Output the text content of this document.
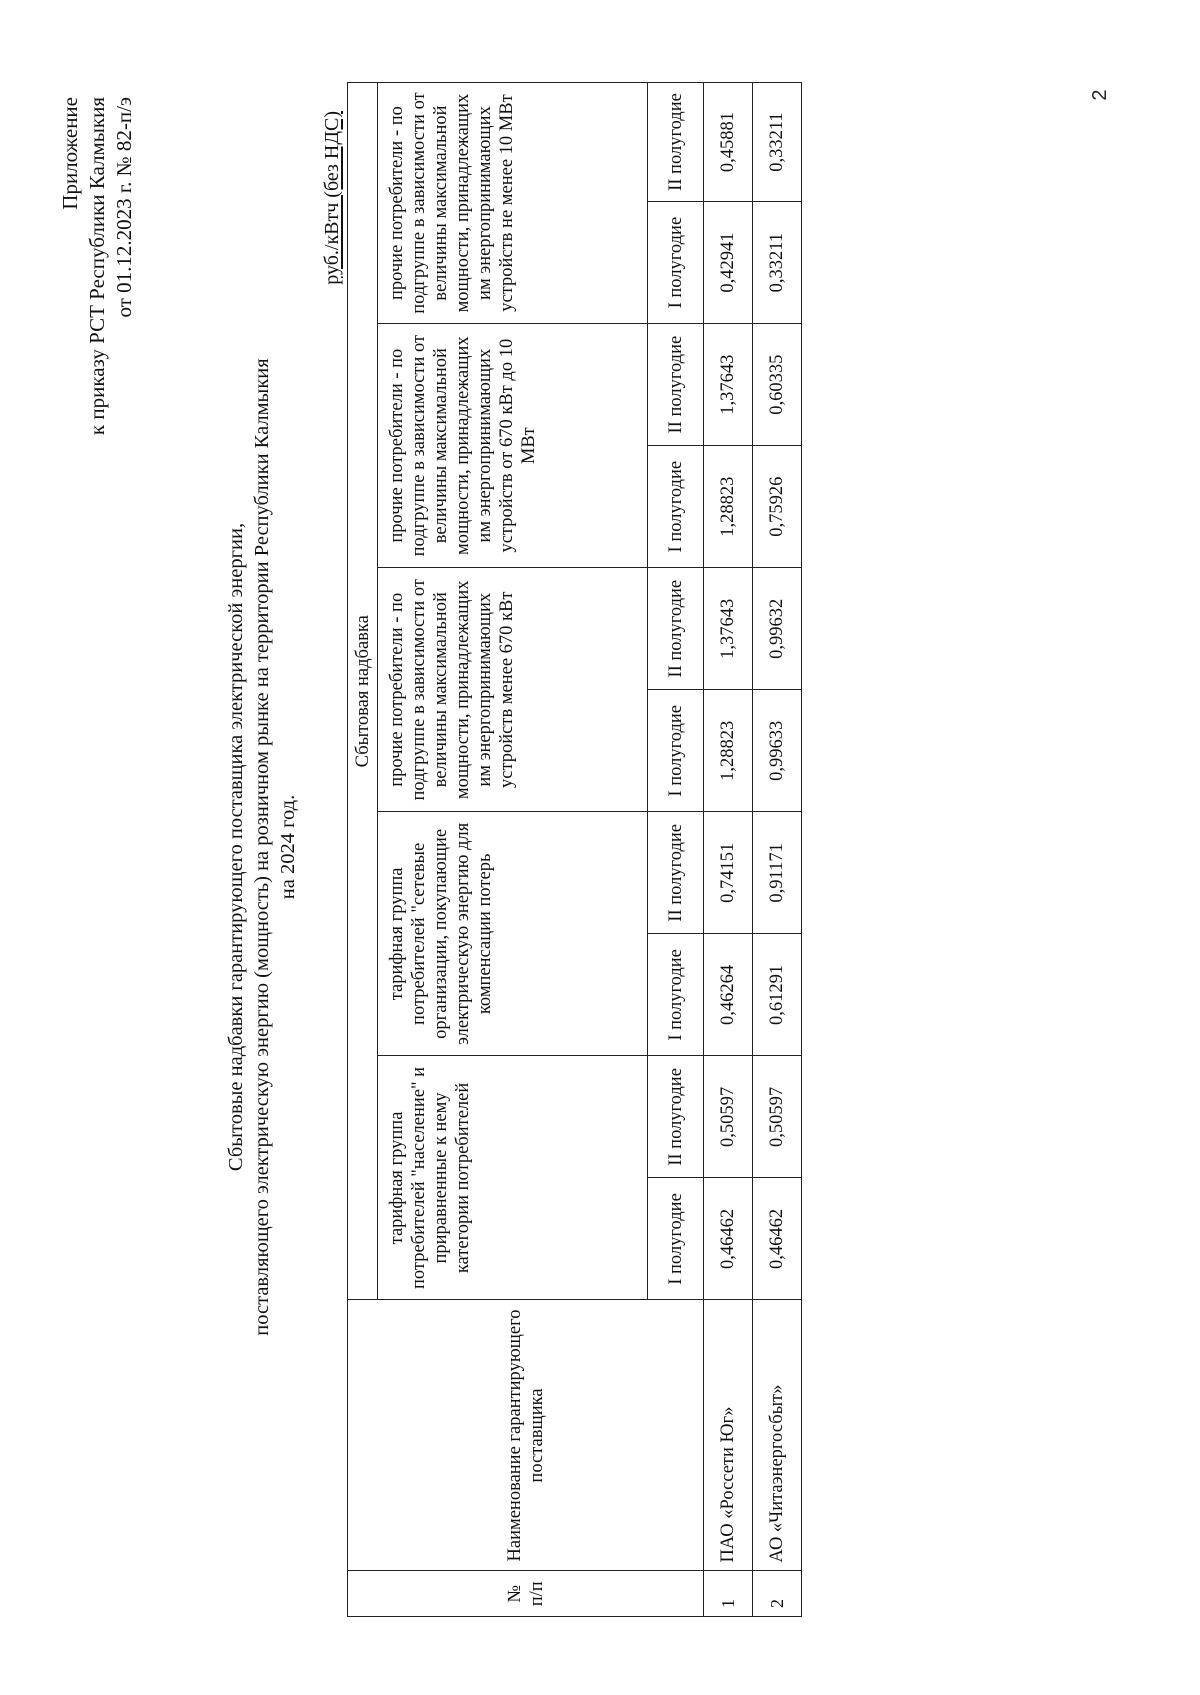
2
Приложение к приказу РСТ Республики Калмыкия от 01.12.2023 г. № 82-п/э
Сбытовые надбавки гарантирующего поставщика электрической энергии, поставляющего электрическую энергию (мощность) на розничном рынке на территории Республики Калмыкия на 2024 год.
руб./кВтч (без НДС)
№ п/п	Наименование гарантирующего поставщика	Сбытовая надбавка									
		тарифная группа потребителей "население" и приравненные к нему категории потребителей		тарифная группа потребителей "сетевые организации, покупающие электрическую энергию для компенсации потерь		прочие потребители - по подгруппе в зависимости от величины максимальной мощности, принадлежащих им энергопринимающих устройств менее 670 кВт		прочие потребители - по подгруппе в зависимости от величины максимальной мощности, принадлежащих им энергопринимающих устройств от 670 кВт до 10 МВт		прочие потребители - по подгруппе в зависимости от величины максимальной мощности, принадлежащих им энергопринимающих устройств не менее 10 МВт	
		I полугодие	II полугодие	I полугодие	II полугодие	I полугодие	II полугодие	I полугодие	II полугодие	I полугодие	II полугодие
1	ПАО «Россети Юг»	0,46462	0,50597	0,46264	0,74151	1,28823	1,37643	1,28823	1,37643	0,42941	0,45881
2	АО «Читаэнергосбыт»	0,46462	0,50597	0,61291	0,91171	0,99633	0,99632	0,75926	0,60335	0,33211	0,33211
